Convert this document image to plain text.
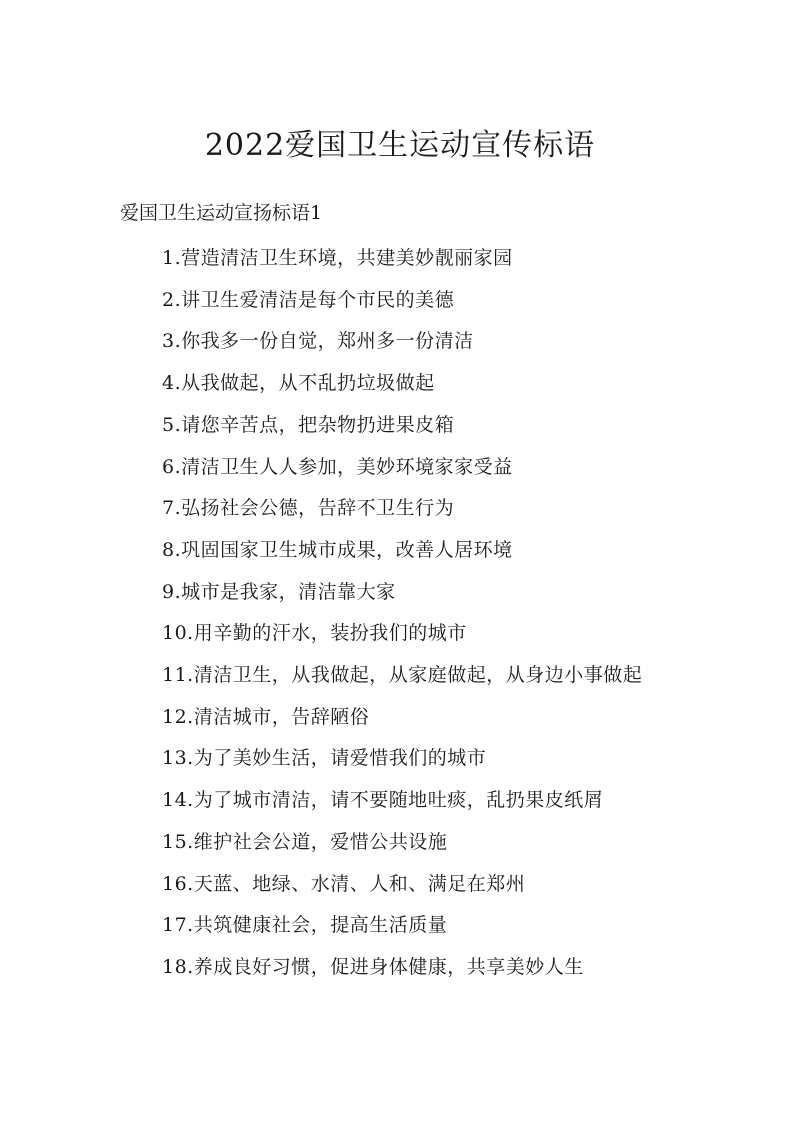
2022爱国卫生运动宣传标语
爱国卫生运动宣扬标语1
1.营造清洁卫生环境，共建美妙靓丽家园
2.讲卫生爱清洁是每个市民的美德
3.你我多一份自觉，郑州多一份清洁
4.从我做起，从不乱扔垃圾做起
5.请您辛苦点，把杂物扔进果皮箱
6.清洁卫生人人参加，美妙环境家家受益
7.弘扬社会公德，告辞不卫生行为
8.巩固国家卫生城市成果，改善人居环境
9.城市是我家，清洁靠大家
10.用辛勤的汗水，装扮我们的城市
11.清洁卫生，从我做起，从家庭做起，从身边小事做起
12.清洁城市，告辞陋俗
13.为了美妙生活，请爱惜我们的城市
14.为了城市清洁，请不要随地吐痰，乱扔果皮纸屑
15.维护社会公道，爱惜公共设施
16.天蓝、地绿、水清、人和、满足在郑州
17.共筑健康社会，提高生活质量
18.养成良好习惯，促进身体健康，共享美妙人生
